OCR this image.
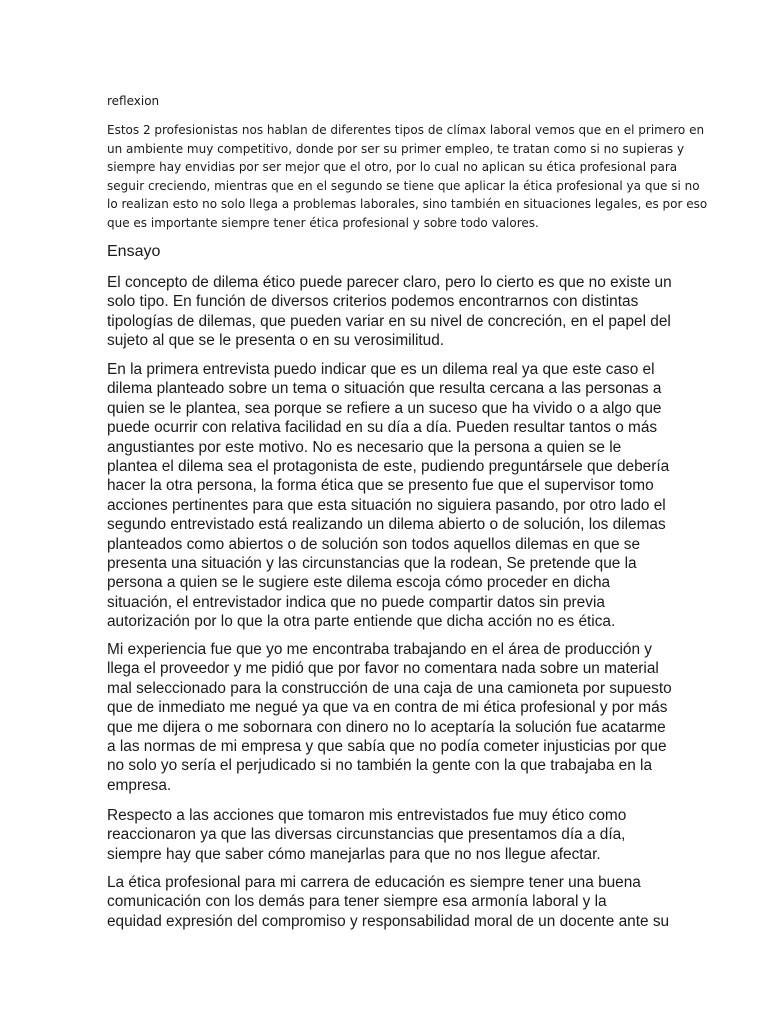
reflexion

Estos 2 profesionistas nos hablan de diferentes tipos de clímax laboral vemos que en el primero en
un ambiente muy competitivo, donde por ser su primer empleo, te tratan como si no supieras y
siempre hay envidias por ser mejor que el otro, por lo cual no aplican su ética profesional para
seguir creciendo, mientras que en el segundo se tiene que aplicar la ética profesional ya que si no
lo realizan esto no solo llega a problemas laborales, sino también en situaciones legales, es por eso
que es importante siempre tener ética profesional y sobre todo valores.

Ensayo

El concepto de dilema ético puede parecer claro, pero lo cierto es que no existe un
solo tipo. En función de diversos criterios podemos encontrarnos con distintas
tipologías de dilemas, que pueden variar en su nivel de concreción, en el papel del
sujeto al que se le presenta o en su verosimilitud.

En la primera entrevista puedo indicar que es un dilema real ya que este caso el
dilema planteado sobre un tema o situación que resulta cercana a las personas a
quien se le plantea, sea porque se refiere a un suceso que ha vivido o a algo que
puede ocurrir con relativa facilidad en su día a día. Pueden resultar tantos o más
angustiantes por este motivo. No es necesario que la persona a quien se le
plantea el dilema sea el protagonista de este, pudiendo preguntársele que debería
hacer la otra persona, la forma ética que se presento fue que el supervisor tomo
acciones pertinentes para que esta situación no siguiera pasando, por otro lado el
segundo entrevistado está realizando un dilema abierto o de solución, los dilemas
planteados como abiertos o de solución son todos aquellos dilemas en que se
presenta una situación y las circunstancias que la rodean, Se pretende que la
persona a quien se le sugiere este dilema escoja cómo proceder en dicha
situación, el entrevistador indica que no puede compartir datos sin previa
autorización por lo que la otra parte entiende que dicha acción no es ética.

Mi experiencia fue que yo me encontraba trabajando en el área de producción y
llega el proveedor y me pidió que por favor no comentara nada sobre un material
mal seleccionado para la construcción de una caja de una camioneta por supuesto
que de inmediato me negué ya que va en contra de mi ética profesional y por más
que me dijera o me sobornara con dinero no lo aceptaría la solución fue acatarme
a las normas de mi empresa y que sabía que no podía cometer injusticias por que
no solo yo sería el perjudicado si no también la gente con la que trabajaba en la
empresa.

Respecto a las acciones que tomaron mis entrevistados fue muy ético como
reaccionaron ya que las diversas circunstancias que presentamos día a día,
siempre hay que saber cómo manejarlas para que no nos llegue afectar.

La ética profesional para mi carrera de educación es siempre tener una buena
comunicación con los demás para tener siempre esa armonía laboral y la
equidad expresión del compromiso y responsabilidad moral de un docente ante su
